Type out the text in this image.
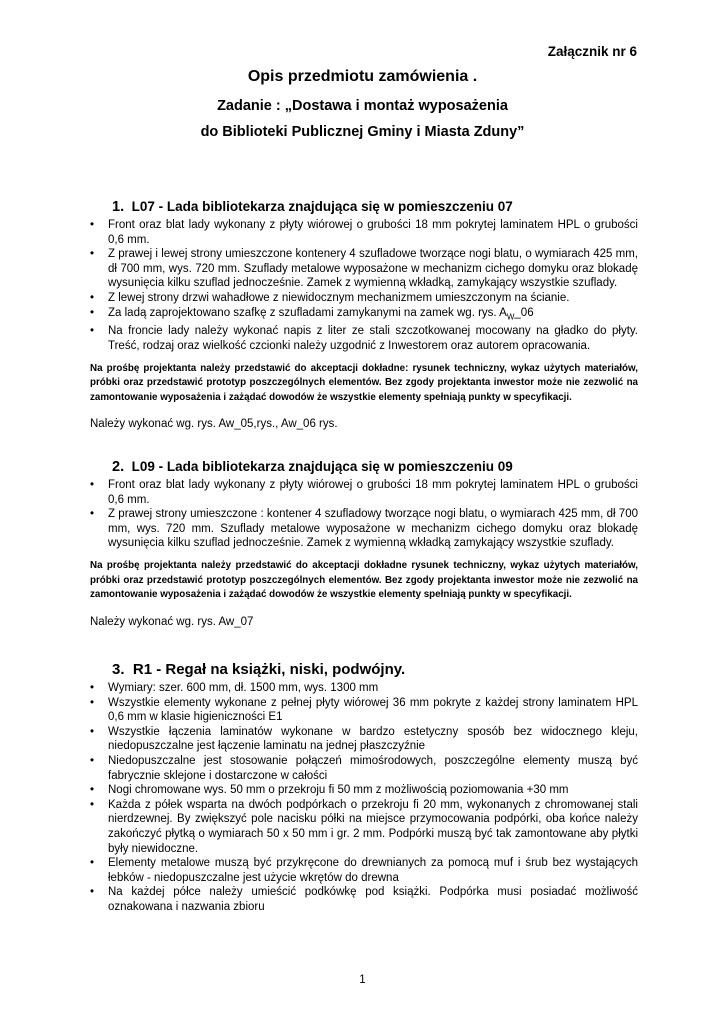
Załącznik nr 6
Opis przedmiotu zamówienia .
Zadanie : „Dostawa i montaż wyposażenia
do Biblioteki Publicznej Gminy i Miasta Zduny”
1. L07 - Lada bibliotekarza znajdująca się w pomieszczeniu 07
• Front oraz blat lady wykonany z płyty wiórowej o grubości 18 mm pokrytej laminatem HPL o grubości 0,6 mm.
• Z prawej i lewej strony umieszczone kontenery 4 szufladowe tworzące nogi blatu, o wymiarach 425 mm, dł 700 mm, wys. 720 mm. Szuflady metalowe wyposażone w mechanizm cichego domyku oraz blokadę wysunięcia kilku szuflad jednocześnie. Zamek z wymienną wkładką, zamykający wszystkie szuflady.
• Z lewej strony drzwi wahadłowe z niewidocznym mechanizmem umieszczonym na ścianie.
• Za ladą zaprojektowano szafkę z szufladami zamykanymi na zamek wg. rys. $A_W\_06$
• Na froncie lady należy wykonać napis z liter ze stali szczotkowanej mocowany na gładko do płyty. Treść, rodzaj oraz wielkość czcionki należy uzgodnić z Inwestorem oraz autorem opracowania.
Na prośbę projektanta należy przedstawić do akceptacji dokładne: rysunek techniczny, wykaz użytych materiałów, próbki oraz przedstawić prototyp poszczególnych elementów. Bez zgody projektanta inwestor może nie zezwolić na zamontowanie wyposażenia i zażądać dowodów że wszystkie elementy spełniają punkty w specyfikacji.
Należy wykonać wg. rys. Aw_05,rys., Aw_06 rys.
2. L09 - Lada bibliotekarza znajdująca się w pomieszczeniu 09
• Front oraz blat lady wykonany z płyty wiórowej o grubości 18 mm pokrytej laminatem HPL o grubości 0,6 mm.
• Z prawej strony umieszczone : kontener 4 szufladowy tworzące nogi blatu, o wymiarach 425 mm, dł 700 mm, wys. 720 mm. Szuflady metalowe wyposażone w mechanizm cichego domyku oraz blokadę wysunięcia kilku szuflad jednocześnie. Zamek z wymienną wkładką zamykający wszystkie szuflady.
Na prośbę projektanta należy przedstawić do akceptacji dokładne rysunek techniczny, wykaz użytych materiałów, próbki oraz przedstawić prototyp poszczególnych elementów. Bez zgody projektanta inwestor może nie zezwolić na zamontowanie wyposażenia i zażądać dowodów że wszystkie elementy spełniają punkty w specyfikacji.
Należy wykonać wg. rys. Aw_07
3. R1 - Regał na książki, niski, podwójny.
• Wymiary: szer. 600 mm, dł. 1500 mm, wys. 1300 mm
• Wszystkie elementy wykonane z pełnej płyty wiórowej 36 mm pokryte z każdej strony laminatem HPL 0,6 mm w klasie higieniczności E1
• Wszystkie łączenia laminatów wykonane w bardzo estetyczny sposób bez widocznego kleju, niedopuszczalne jest łączenie laminatu na jednej płaszczyźnie
• Niedopuszczalne jest stosowanie połączeń mimośrodowych, poszczególne elementy muszą być fabrycznie sklejone i dostarczone w całości
• Nogi chromowane wys. 50 mm o przekroju fi 50 mm z możliwością poziomowania +30 mm
• Każda z półek wsparta na dwóch podpórkach o przekroju fi 20 mm, wykonanych z chromowanej stali nierdzewnej. By zwiększyć pole nacisku półki na miejsce przymocowania podpórki, oba końce należy zakończyć płytką o wymiarach 50 x 50 mm i gr. 2 mm. Podpórki muszą być tak zamontowane aby płytki były niewidoczne.
• Elementy metalowe muszą być przykręcone do drewnianych za pomocą muf i śrub bez wystających łebków - niedopuszczalne jest użycie wkrętów do drewna
• Na każdej półce należy umieścić podkówkę pod książki. Podpórka musi posiadać możliwość oznakowana i nazwania zbioru
1
